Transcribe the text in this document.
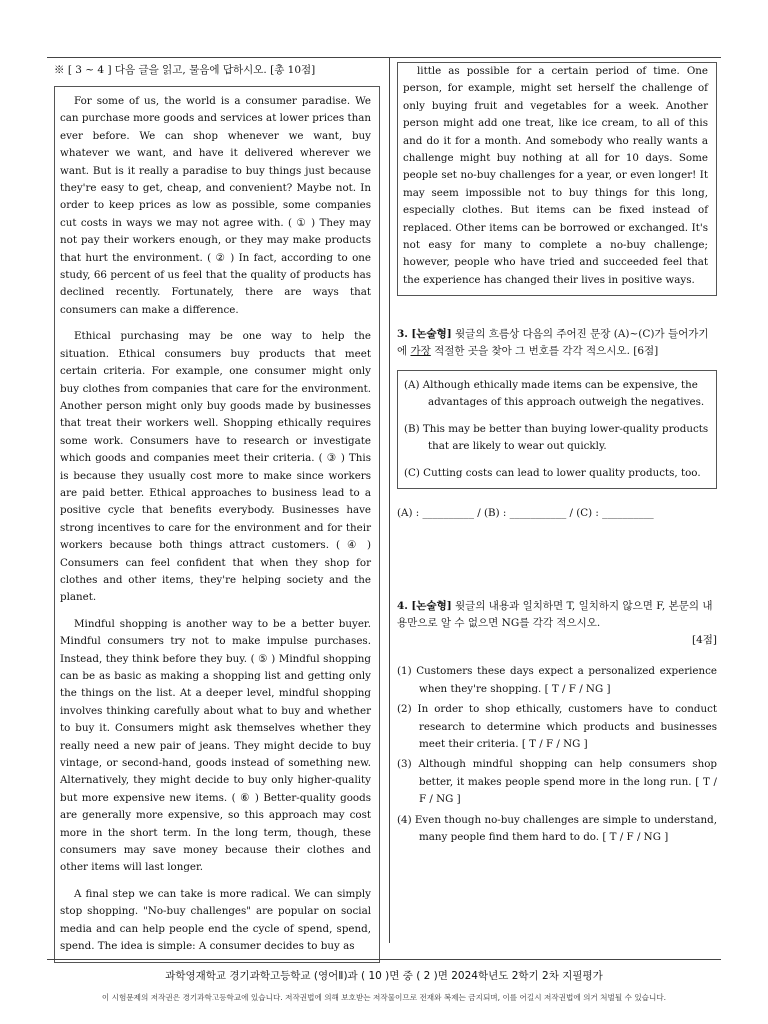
※ [ 3 ~ 4 ] 다음 글을 읽고, 물음에 답하시오. [총 10점]

For some of us, the world is a consumer paradise. We can purchase more goods and services at lower prices than ever before. We can shop whenever we want, buy whatever we want, and have it delivered wherever we want. But is it really a paradise to buy things just because they're easy to get, cheap, and convenient? Maybe not. In order to keep prices as low as possible, some companies cut costs in ways we may not agree with. ( ① ) They may not pay their workers enough, or they may make products that hurt the environment. ( ② ) In fact, according to one study, 66 percent of us feel that the quality of products has declined recently. Fortunately, there are ways that consumers can make a difference.

Ethical purchasing may be one way to help the situation. Ethical consumers buy products that meet certain criteria. For example, one consumer might only buy clothes from companies that care for the environment. Another person might only buy goods made by businesses that treat their workers well. Shopping ethically requires some work. Consumers have to research or investigate which goods and companies meet their criteria. ( ③ ) This is because they usually cost more to make since workers are paid better. Ethical approaches to business lead to a positive cycle that benefits everybody. Businesses have strong incentives to care for the environment and for their workers because both things attract customers. ( ④ ) Consumers can feel confident that when they shop for clothes and other items, they're helping society and the planet.

Mindful shopping is another way to be a better buyer. Mindful consumers try not to make impulse purchases. Instead, they think before they buy. ( ⑤ ) Mindful shopping can be as basic as making a shopping list and getting only the things on the list. At a deeper level, mindful shopping involves thinking carefully about what to buy and whether to buy it. Consumers might ask themselves whether they really need a new pair of jeans. They might decide to buy vintage, or second-hand, goods instead of something new. Alternatively, they might decide to buy only higher-quality but more expensive new items. ( ⑥ ) Better-quality goods are generally more expensive, so this approach may cost more in the short term. In the long term, though, these consumers may save money because their clothes and other items will last longer.

A final step we can take is more radical. We can simply stop shopping. "No-buy challenges" are popular on social media and can help people end the cycle of spend, spend, spend. The idea is simple: A consumer decides to buy as

little as possible for a certain period of time. One person, for example, might set herself the challenge of only buying fruit and vegetables for a week. Another person might add one treat, like ice cream, to all of this and do it for a month. And somebody who really wants a challenge might buy nothing at all for 10 days. Some people set no-buy challenges for a year, or even longer! It may seem impossible not to buy things for this long, especially clothes. But items can be fixed instead of replaced. Other items can be borrowed or exchanged. It's not easy for many to complete a no-buy challenge; however, people who have tried and succeeded feel that the experience has changed their lives in positive ways.

3. [논술형] 윗글의 흐름상 다음의 주어진 문장 (A)~(C)가 들어가기에 가장 적절한 곳을 찾아 그 번호를 각각 적으시오. [6점]
(A) Although ethically made items can be expensive, the advantages of this approach outweigh the negatives.
(B) This may be better than buying lower-quality products that are likely to wear out quickly.
(C) Cutting costs can lead to lower quality products, too.
(A) : __________ / (B) : ___________ / (C) : __________
4. [논술형] 윗글의 내용과 일치하면 T, 일치하지 않으면 F, 본문의 내용만으로 알 수 없으면 NG를 각각 적으시오.
[4점]
(1) Customers these days expect a personalized experience when they're shopping. [ T / F / NG ]
(2) In order to shop ethically, customers have to conduct research to determine which products and businesses meet their criteria. [ T / F / NG ]
(3) Although mindful shopping can help consumers shop better, it makes people spend more in the long run. [ T / F / NG ]
(4) Even though no-buy challenges are simple to understand, many people find them hard to do. [ T / F / NG ]
과학영재학교 경기과학고등학교 (영어Ⅱ)과 ( 10 )면 중 ( 2 )면 2024학년도 2학기 2차 지필평가
이 시험문제의 저작권은 경기과학고등학교에 있습니다. 저작권법에 의해 보호받는 저작물이므로 전재와 복제는 금지되며, 이를 어길시 저작권법에 의거 처벌될 수 있습니다.
